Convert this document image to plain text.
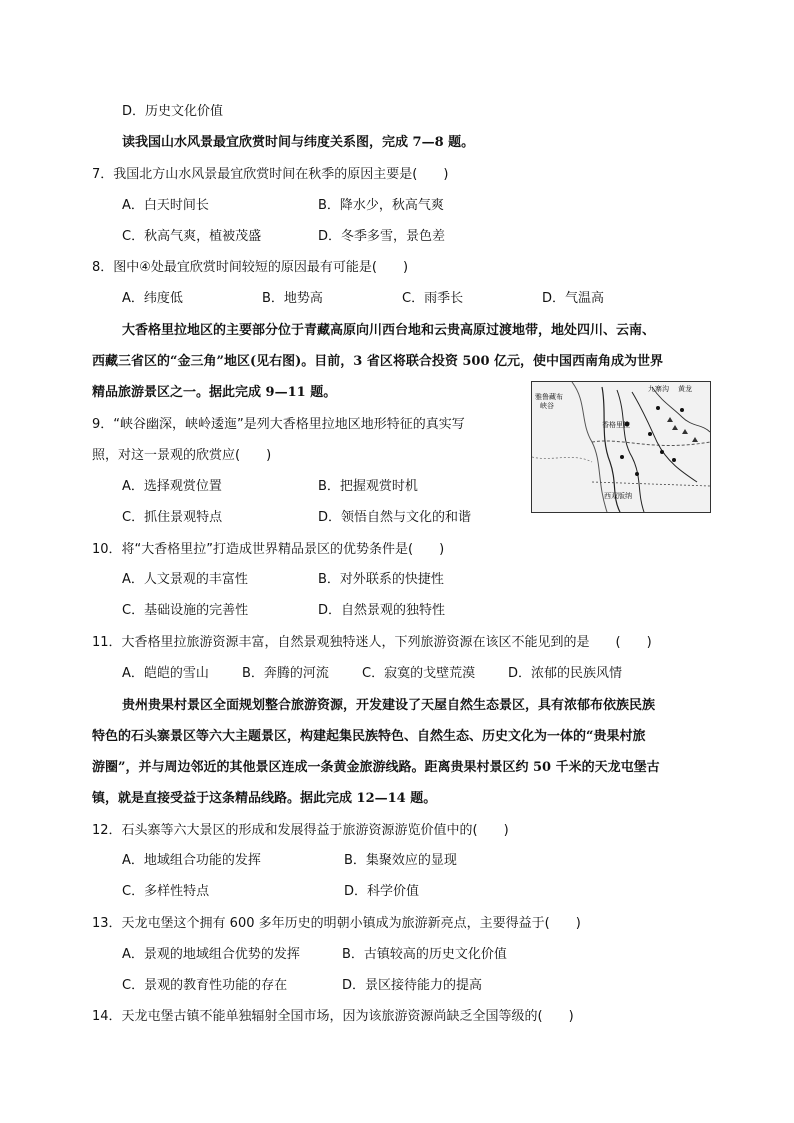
D．历史文化价值
读我国山水风景最宜欣赏时间与纬度关系图，完成 7—8 题。
7．我国北方山水风景最宜欣赏时间在秋季的原因主要是(　　)
A．白天时间长	B．降水少，秋高气爽
C．秋高气爽，植被茂盛	D．冬季多雪，景色差
8．图中④处最宜欣赏时间较短的原因最有可能是(　　)
A．纬度低	B．地势高	C．雨季长	D．气温高
大香格里拉地区的主要部分位于青藏高原向川西台地和云贵高原过渡地带，地处四川、云南、
西藏三省区的“金三角”地区(见右图)。目前，3 省区将联合投资 500 亿元，使中国西南角成为世界
精品旅游景区之一。据此完成 9—11 题。
9．“峡谷幽深，峡岭逶迤”是列大香格里拉地区地形特征的真实写
照，对这一景观的欣赏应(　　)
A．选择观赏位置	B．把握观赏时机
C．抓住景观特点	D．领悟自然与文化的和谐
九寨沟 黄龙
雅鲁藏布
峡谷
香格里拉
西双版纳
10．将“大香格里拉”打造成世界精品景区的优势条件是(　　)
A．人文景观的丰富性	B．对外联系的快捷性
C．基础设施的完善性	D．自然景观的独特性
11．大香格里拉旅游资源丰富，自然景观独特迷人，下列旅游资源在该区不能见到的是　　(　　)
A．皑皑的雪山	B．奔腾的河流	C．寂寞的戈壁荒漠	D．浓郁的民族风情
贵州贵果村景区全面规划整合旅游资源，开发建设了天屋自然生态景区，具有浓郁布依族民族
特色的石头寨景区等六大主题景区，构建起集民族特色、自然生态、历史文化为一体的“贵果村旅
游圈”，并与周边邻近的其他景区连成一条黄金旅游线路。距离贵果村景区约 50 千米的天龙屯堡古
镇，就是直接受益于这条精品线路。据此完成 12—14 题。
12．石头寨等六大景区的形成和发展得益于旅游资源游览价值中的(　　)
A．地域组合功能的发挥	B．集聚效应的显现
C．多样性特点	D．科学价值
13．天龙屯堡这个拥有 600 多年历史的明朝小镇成为旅游新亮点，主要得益于(　　)
A．景观的地域组合优势的发挥	B．古镇较高的历史文化价值
C．景观的教育性功能的存在	D．景区接待能力的提高
14．天龙屯堡古镇不能单独辐射全国市场，因为该旅游资源尚缺乏全国等级的(　　)
